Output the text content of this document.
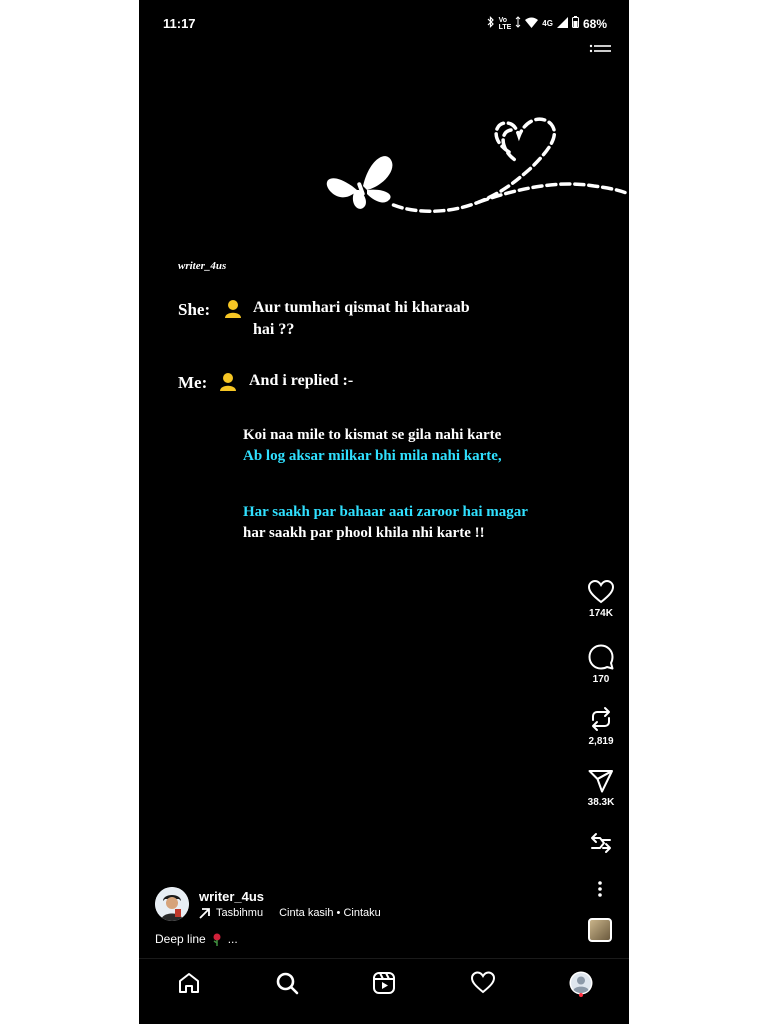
11:17	Vo
LTE	4G	68%
writer_4us
She:	Aur tumhari qismat hi kharaab
hai ??
Me:	And i replied :-
Koi naa mile to kismat se gila nahi karte
Ab log aksar milkar bhi mila nahi karte,
Har saakh par bahaar aati zaroor hai magar
har saakh par phool khila nhi karte !!
174K
170
2,819
38.3K
writer_4us
Tasbihmu Cinta kasih • Cintaku
Deep line ...
